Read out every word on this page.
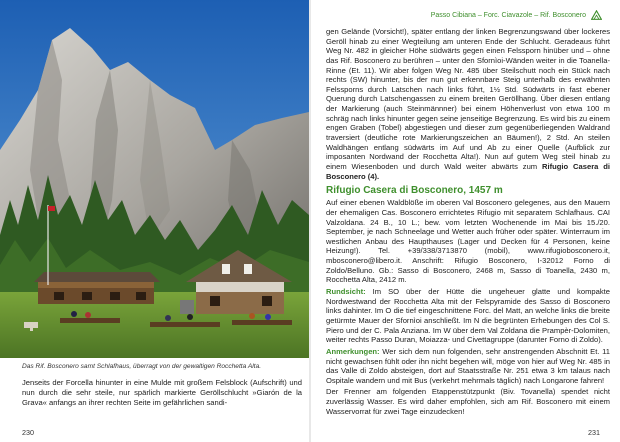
Das Rif. Bosconero samt Schlafhaus, überragt von der gewaltigen Rocchetta Alta.
Jenseits der Forcella hinunter in eine Mulde mit großem Felsblock (Aufschrift) und nun durch die sehr steile, nur spärlich markierte Geröllschlucht »Giarón de la Grava« anfangs an ihrer rechten Seite im gefährlichen sandi-
230
Passo Cibiana – Forc. Ciavazole – Rif. Bosconero

gen Gelände (Vorsicht!), später entlang der linken Begrenzungswand über lockeres Geröll hinab zu einer Wegteilung am unteren Ende der Schlucht. Geradeaus führt Weg Nr. 482 in gleicher Höhe südwärts gegen einen Felssporn hinüber und – ohne das Rif. Bosconero zu berühren – unter den Sfornìoi-Wänden weiter in die Toanella-Rinne (Et. 11). Wir aber folgen Weg Nr. 485 über Steilschutt noch ein Stück nach rechts (SW) hinunter, bis der nun gut erkennbare Steig unterhalb des erwähnten Felssporns durch Latschen nach links führt, 1½ Std. Südwärts in fast ebener Querung durch Latschengassen zu einem breiten Geröllhang. Über diesen entlang der Markierung (auch Steinmännner) bei einem Höhenverlust von etwa 100 m schräg nach links hinunter gegen seine jenseitige Begrenzung. Es wird bis zu einem engen Graben (Tobel) abgestiegen und dieser zum gegenüberliegenden Waldrand traversiert (deutliche rote Markierungszeichen an Bäumen!), 2 Std. An steilen Waldhängen entlang südwärts im Auf und Ab zu einer Quelle (Aufblick zur imposanten Nordwand der Rocchetta Alta!). Nun auf gutem Weg steil hinab zu einem Wiesenboden und durch Wald weiter abwärts zum Rifugio Casera di Bosconero (4).

Rifugio Casera di Bosconero, 1457 m

Auf einer ebenen Waldblöße im oberen Val Bosconero gelegenes, aus den Mauern der ehemaligen Cas. Bosconero errichtetes Rifugio mit separatem Schlafhaus. CAI Valzoldana. 24 B., 10 L.; bew. vom letzten Wochenende im Mai bis 15./20. September, je nach Schneelage und Wetter auch früher oder später. Winterraum im westlichen Anbau des Haupthauses (Lager und Decken für 4 Personen, keine Heizung!). Tel. +39/338/3713870 (mobil), www.rifugiobosconero.it, mbosconero@libero.it. Anschrift: Rifugio Bosconero, I-32012 Forno di Zoldo/Belluno. Gb.: Sasso di Bosconero, 2468 m, Sasso di Toanella, 2430 m, Rocchetta Alta, 2412 m.

Rundsicht: Im SO über der Hütte die ungeheuer glatte und kompakte Nordwestwand der Rocchetta Alta mit der Felspyramide des Sasso di Bosconero links dahinter. Im O die tief eingeschnittene Forc. del Matt, an welche links die breite getürmte Mauer der Sfornìoi anschließt. Im N die begrünten Erhebungen des Col S. Piero und der C. Pala Anziana. Im W über dem Val Zoldana die Prampèr-Dolomiten, weiter rechts Passo Duran, Moiazza- und Civettagruppe (darunter Forno di Zoldo).

Anmerkungen: Wer sich dem nun folgenden, sehr anstrengenden Abschnitt Et. 11 nicht gewachsen fühlt oder ihn nicht begehen will, möge von hier auf Weg Nr. 485 in das Valle di Zoldo absteigen, dort auf Staatsstraße Nr. 251 etwa 3 km talaus nach Ospitale wandern und mit Bus (verkehrt mehrmals täglich) nach Longarone fahren!

Der Frenner am folgenden Etappenstützpunkt (Biv. Tovanella) spendet nicht zuverlässig Wasser. Es wird daher empfohlen, sich am Rif. Bosconero mit einem Wasservorrat für zwei Tage einzudecken!

231
